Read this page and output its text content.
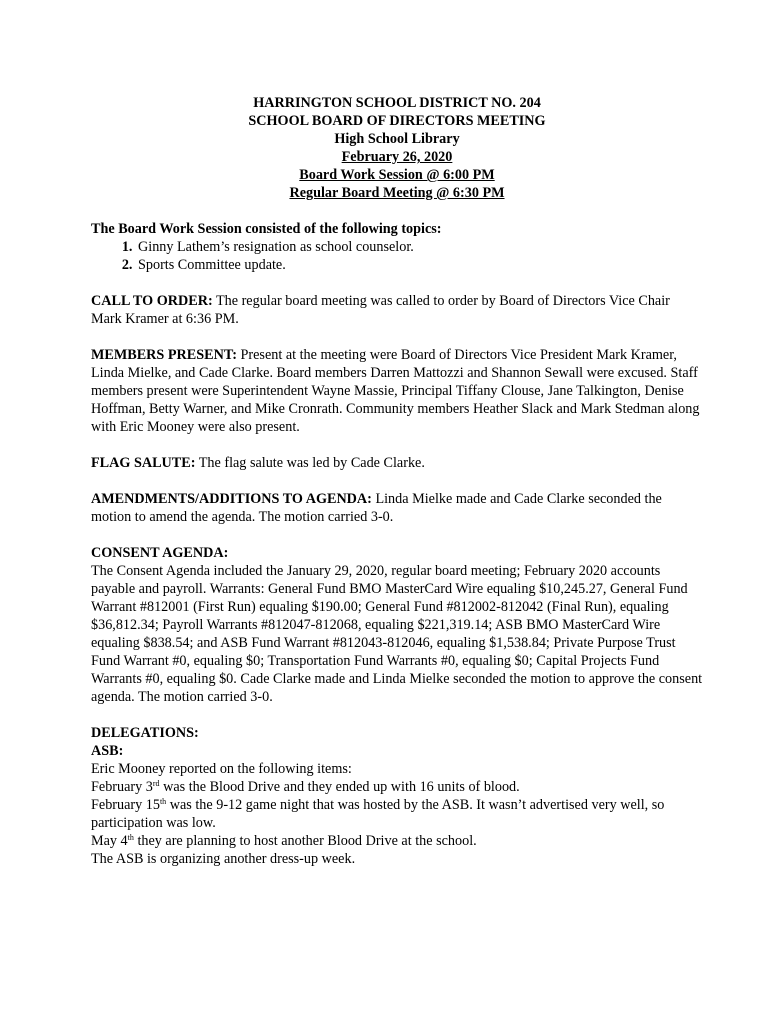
HARRINGTON SCHOOL DISTRICT NO. 204
SCHOOL BOARD OF DIRECTORS MEETING
High School Library
February 26, 2020
Board Work Session @ 6:00 PM
Regular Board Meeting @ 6:30 PM
The Board Work Session consisted of the following topics:
1. Ginny Lathem’s resignation as school counselor.
2. Sports Committee update.
CALL TO ORDER: The regular board meeting was called to order by Board of Directors Vice Chair Mark Kramer at 6:36 PM.
MEMBERS PRESENT: Present at the meeting were Board of Directors Vice President Mark Kramer, Linda Mielke, and Cade Clarke. Board members Darren Mattozzi and Shannon Sewall were excused. Staff members present were Superintendent Wayne Massie, Principal Tiffany Clouse, Jane Talkington, Denise Hoffman, Betty Warner, and Mike Cronrath. Community members Heather Slack and Mark Stedman along with Eric Mooney were also present.
FLAG SALUTE: The flag salute was led by Cade Clarke.
AMENDMENTS/ADDITIONS TO AGENDA: Linda Mielke made and Cade Clarke seconded the motion to amend the agenda. The motion carried 3-0.
CONSENT AGENDA:

The Consent Agenda included the January 29, 2020, regular board meeting; February 2020 accounts payable and payroll. Warrants: General Fund BMO MasterCard Wire equaling $10,245.27, General Fund Warrant #812001 (First Run) equaling $190.00; General Fund #812002-812042 (Final Run), equaling $36,812.34; Payroll Warrants #812047-812068, equaling $221,319.14; ASB BMO MasterCard Wire equaling $838.54; and ASB Fund Warrant #812043-812046, equaling $1,538.84; Private Purpose Trust Fund Warrant #0, equaling $0; Transportation Fund Warrants #0, equaling $0; Capital Projects Fund Warrants #0, equaling $0. Cade Clarke made and Linda Mielke seconded the motion to approve the consent agenda. The motion carried 3-0.

DELEGATIONS:
ASB:

Eric Mooney reported on the following items:

February 3rd was the Blood Drive and they ended up with 16 units of blood.

February 15th was the 9-12 game night that was hosted by the ASB. It wasn’t advertised very well, so participation was low.

May 4th they are planning to host another Blood Drive at the school.

The ASB is organizing another dress-up week.
